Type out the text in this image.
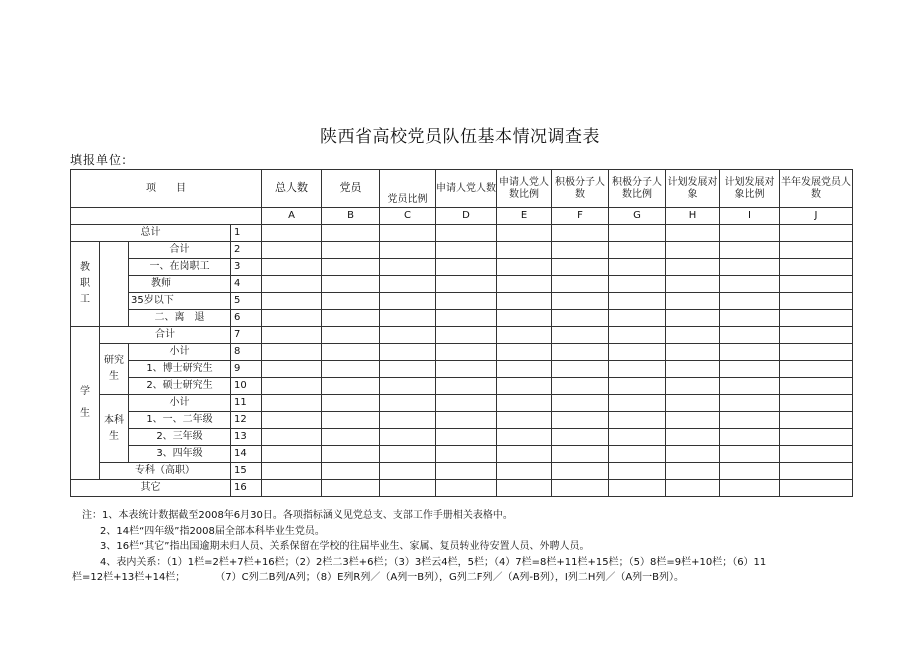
陕西省高校党员队伍基本情况调查表
填报单位:
项　　目				总人数	党员	党员比例	申请人党人数	申请人党人数比例	积极分子人数	积极分子人数比例	计划发展对象	计划发展对象比例	半年发展党员人数
				A	B	C	D	E	F	G	H	I	J
总计			1										
教职工		合计	2										
		一、在岗职工	3										
		教师	4										
		35岁以下	5										
		二、离　退	6										
学　　生	合计		7										
	研究生	小计	8										
		1、博士研究生	9										
		2、硕士研究生	10										
	本科生	小计	11										
		1、一、二年级	12										
		2、三年级	13										
		3、四年级	14										
	专科（高职）		15										
其它			16										
注：1、本表统计数据截至2008年6月30日。各项指标涵义见党总支、支部工作手册相关表格中。
2、14栏“四年级”指2008届全部本科毕业生党员。
3、16栏“其它”指出国逾期未归人员、关系保留在学校的往届毕业生、家属、复员转业待安置人员、外聘人员。
4、表内关系：（1）1栏=2栏+7栏+16栏；（2）2栏二3栏+6栏；（3）3栏云4栏，5栏；（4）7栏=8栏+11栏+15栏；（5）8栏=9栏+10栏；（6）11
栏=12栏+13栏+14栏；　　　　（7）C列二B列/A列；（8）E列R列／（A列一B列），G列二F列／（A列-B列），I列二H列／（A列一B列）。
